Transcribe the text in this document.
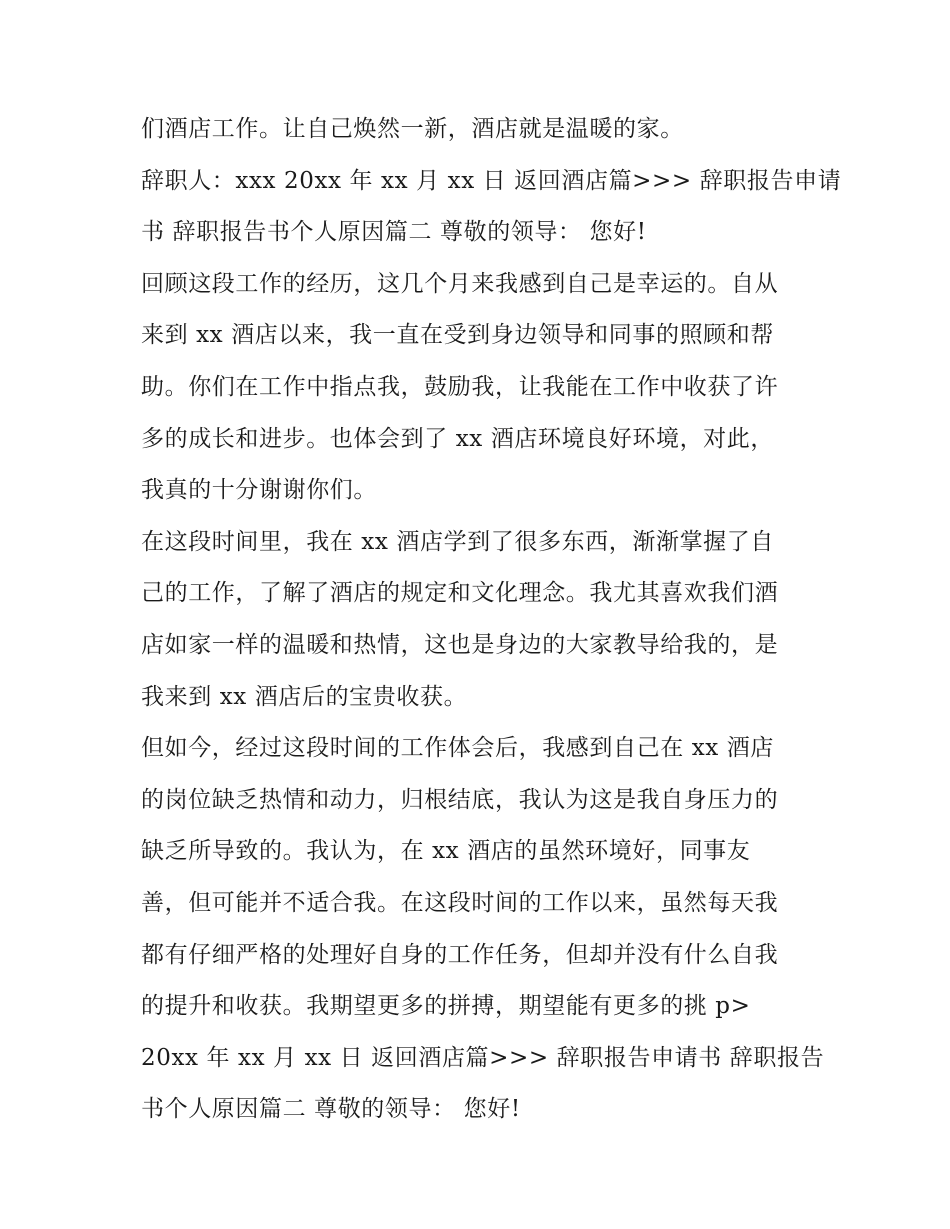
们酒店工作。让自己焕然一新，酒店就是温暖的家。
辞职人：xxx 20xx 年 xx 月 xx 日 返回酒店篇>>> 辞职报告申请
书 辞职报告书个人原因篇二 尊敬的领导： 您好!
回顾这段工作的经历，这几个月来我感到自己是幸运的。自从
来到 xx 酒店以来，我一直在受到身边领导和同事的照顾和帮
助。你们在工作中指点我，鼓励我，让我能在工作中收获了许
多的成长和进步。也体会到了 xx 酒店环境良好环境，对此，
我真的十分谢谢你们。
在这段时间里，我在 xx 酒店学到了很多东西，渐渐掌握了自
己的工作，了解了酒店的规定和文化理念。我尤其喜欢我们酒
店如家一样的温暖和热情，这也是身边的大家教导给我的，是
我来到 xx 酒店后的宝贵收获。
但如今，经过这段时间的工作体会后，我感到自己在 xx 酒店
的岗位缺乏热情和动力，归根结底，我认为这是我自身压力的
缺乏所导致的。我认为，在 xx 酒店的虽然环境好，同事友
善，但可能并不适合我。在这段时间的工作以来，虽然每天我
都有仔细严格的处理好自身的工作任务，但却并没有什么自我
的提升和收获。我期望更多的拼搏，期望能有更多的挑 p>
20xx 年 xx 月 xx 日 返回酒店篇>>> 辞职报告申请书 辞职报告
书个人原因篇二 尊敬的领导： 您好!
